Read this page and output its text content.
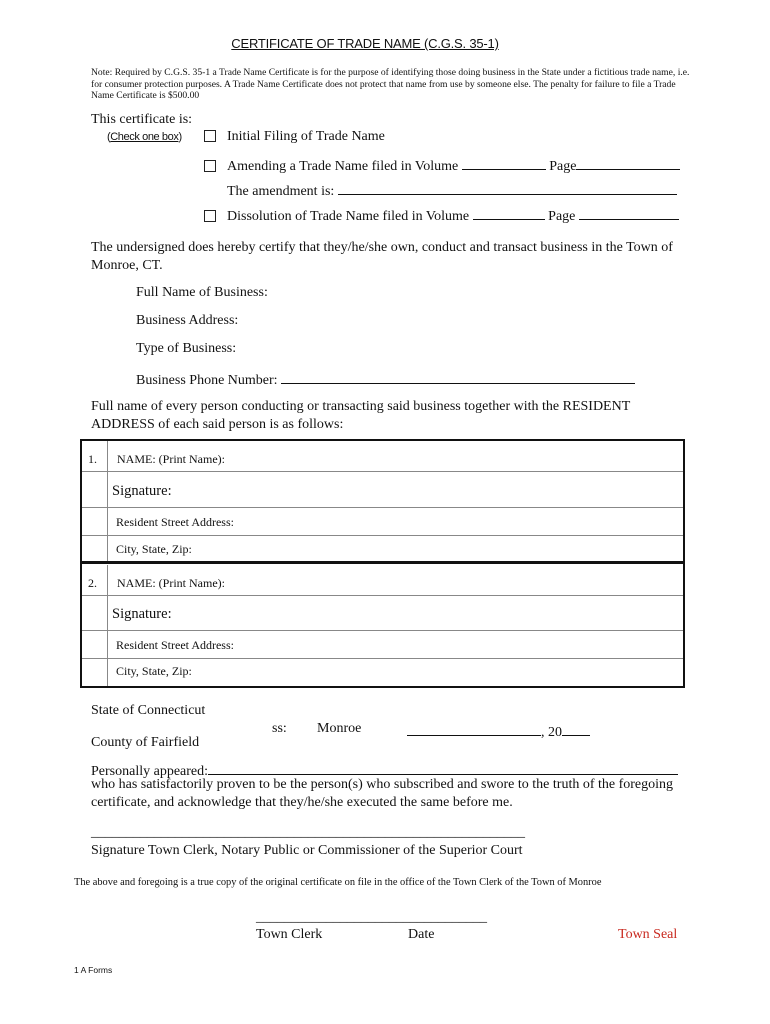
CERTIFICATE OF TRADE NAME (C.G.S. 35-1)
Note: Required by C.G.S. 35-1 a Trade Name Certificate is for the purpose of identifying those doing business in the State under a fictitious trade name, i.e. for consumer protection purposes. A Trade Name Certificate does not protect that name from use by someone else. The penalty for failure to file a Trade Name Certificate is $500.00
This certificate is:
(Check one box)	Initial Filing of Trade Name
Amending a Trade Name filed in Volume	Page
The amendment is:
Dissolution of Trade Name filed in Volume	Page
The undersigned does hereby certify that they/he/she own, conduct and transact business in the Town of Monroe, CT.
Full Name of Business:
Business Address:
Type of Business:
Business Phone Number:
Full name of every person conducting or transacting said business together with the RESIDENT ADDRESS of each said person is as follows:
1. NAME: (Print Name):
Signature:
Resident Street Address:
City, State, Zip:
2. NAME: (Print Name):
Signature:
Resident Street Address:
City, State, Zip:
State of Connecticut
ss: Monroe	, 20
County of Fairfield
Personally appeared:
who has satisfactorily proven to be the person(s) who subscribed and swore to the truth of the foregoing certificate, and acknowledge that they/he/she executed the same before me.
______________________________________________________________
Signature Town Clerk, Notary Public or Commissioner of the Superior Court
The above and foregoing is a true copy of the original certificate on file in the office of the Town Clerk of the Town of Monroe
_________________________________
Town Clerk	Date	Town Seal
1 A Forms
